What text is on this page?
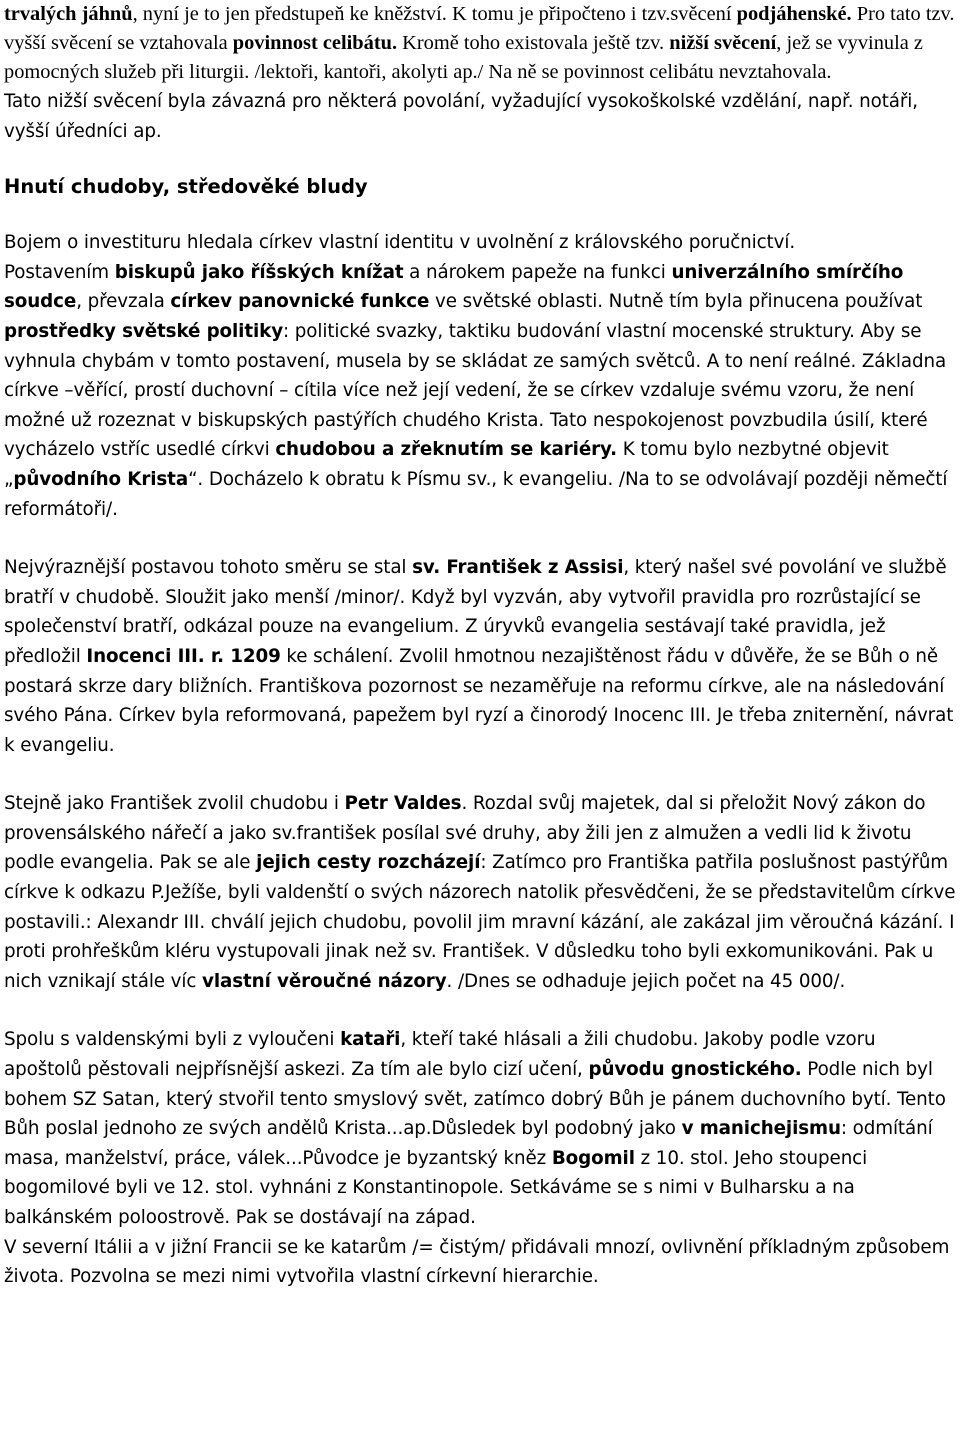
trvalých jáhnů, nyní je to jen předstupeň ke kněžství. K tomu je připočteno i tzv.svěcení podjáhenské. Pro tato tzv. vyšší svěcení se vztahovala povinnost celibátu. Kromě toho existovala ještě tzv. nižší svěcení, jež se vyvinula z pomocných služeb při liturgii. /lektoři, kantoři, akolyti ap./ Na ně se povinnost celibátu nevztahovala.

Tato nižší svěcení byla závazná pro některá povolání, vyžadující vysokoškolské vzdělání, např. notáři, vyšší úředníci ap.

Hnutí chudoby, středověké bludy

Bojem o investituru hledala církev vlastní identitu v uvolnění z královského poručnictví.

Postavením biskupů jako říšských knížat a nárokem papeže na funkci univerzálního smírčího soudce, převzala církev panovnické funkce ve světské oblasti. Nutně tím byla přinucena používat prostředky světské politiky: politické svazky, taktiku budování vlastní mocenské struktury. Aby se vyhnula chybám v tomto postavení, musela by se skládat ze samých světců. A to není reálné. Základna církve –věřící, prostí duchovní – cítila více než její vedení, že se církev vzdaluje svému vzoru, že není možné už rozeznat v biskupských pastýřích chudého Krista. Tato nespokojenost povzbudila úsilí, které vycházelo vstříc usedlé církvi chudobou a zřeknutím se kariéry. K tomu bylo nezbytné objevit „původního Krista“. Docházelo k obratu k Písmu sv., k evangeliu. /Na to se odvolávají později němečtí reformátoři/.

Nejvýraznější postavou tohoto směru se stal sv. František z Assisi, který našel své povolání ve službě bratří v chudobě. Sloužit jako menší /minor/. Když byl vyzván, aby vytvořil pravidla pro rozrůstající se společenství bratří, odkázal pouze na evangelium. Z úryvků evangelia sestávají také pravidla, jež předložil Inocenci III. r. 1209 ke schálení. Zvolil hmotnou nezajištěnost řádu v důvěře, že se Bůh o ně postará skrze dary bližních. Františkova pozornost se nezaměřuje na reformu církve, ale na následování svého Pána. Církev byla reformovaná, papežem byl ryzí a činorodý Inocenc III. Je třeba zniternění, návrat k evangeliu.

Stejně jako František zvolil chudobu i Petr Valdes. Rozdal svůj majetek, dal si přeložit Nový zákon do provensálského nářečí a jako sv.františek posílal své druhy, aby žili jen z almužen a vedli lid k životu podle evangelia. Pak se ale jejich cesty rozcházejí: Zatímco pro Františka patřila poslušnost pastýřům církve k odkazu P.Ježíše, byli valdenští o svých názorech natolik přesvědčeni, že se představitelům církve postavili.: Alexandr III. chválí jejich chudobu, povolil jim mravní kázání, ale zakázal jim věroučná kázání. I proti prohřeškům kléru vystupovali jinak než sv. František. V důsledku toho byli exkomunikováni. Pak u nich vznikají stále víc vlastní věroučné názory. /Dnes se odhaduje jejich počet na 45 000/.

Spolu s valdenskými byli z vyloučeni kataři, kteří také hlásali a žili chudobu. Jakoby podle vzoru apoštolů pěstovali nejpřísnější askezi. Za tím ale bylo cizí učení, původu gnostického. Podle nich byl bohem SZ Satan, který stvořil tento smyslový svět, zatímco dobrý Bůh je pánem duchovního bytí. Tento Bůh poslal jednoho ze svých andělů Krista...ap.Důsledek byl podobný jako v manichejismu: odmítání masa, manželství, práce, válek...Původce je byzantský kněz Bogomil z 10. stol. Jeho stoupenci bogomilové byli ve 12. stol. vyhnáni z Konstantinopole. Setkáváme se s nimi v Bulharsku a na balkánském poloostrově. Pak se dostávají na západ.

V severní Itálii a v jižní Francii se ke katarům /= čistým/ přidávali mnozí, ovlivnění příkladným způsobem života. Pozvolna se mezi nimi vytvořila vlastní církevní hierarchie.
